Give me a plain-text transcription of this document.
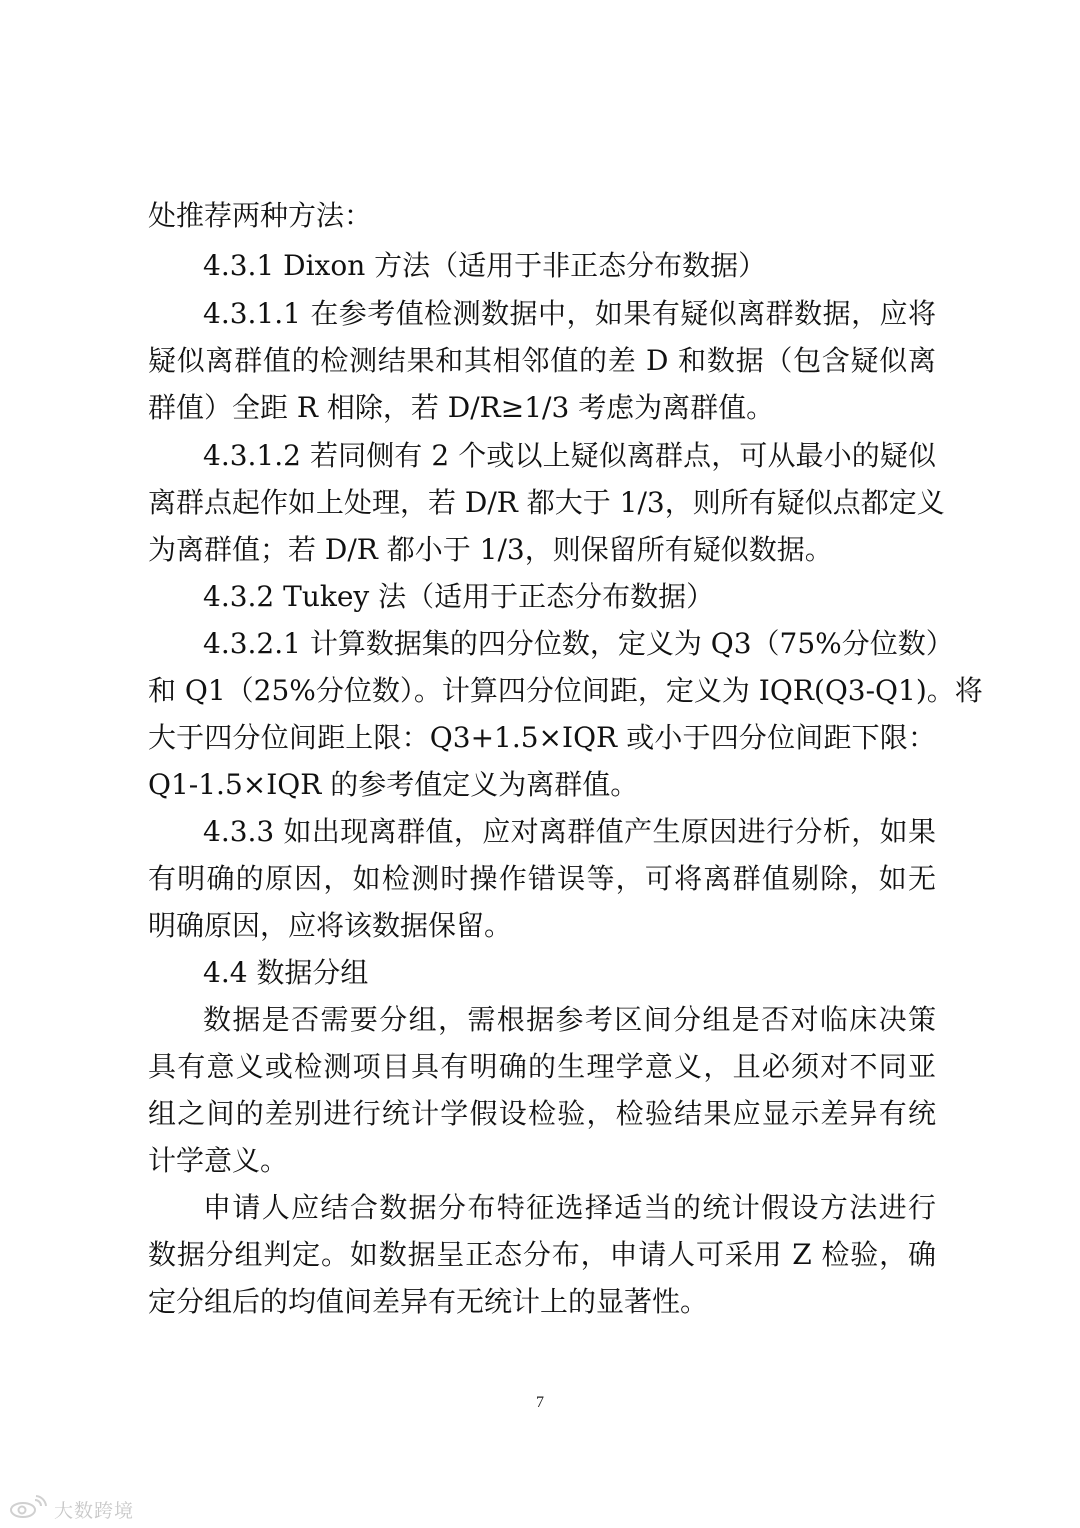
处推荐两种方法：
4.3.1 Dixon 方法（适用于非正态分布数据）
4.3.1.1 在参考值检测数据中，如果有疑似离群数据，应将
疑似离群值的检测结果和其相邻值的差 D 和数据（包含疑似离
群值）全距 R 相除，若 D/R≥1/3 考虑为离群值。
4.3.1.2 若同侧有 2 个或以上疑似离群点，可从最小的疑似
离群点起作如上处理，若 D/R 都大于 1/3，则所有疑似点都定义
为离群值；若 D/R 都小于 1/3，则保留所有疑似数据。
4.3.2 Tukey 法（适用于正态分布数据）
4.3.2.1 计算数据集的四分位数，定义为 Q3（75%分位数）
和 Q1（25%分位数）。计算四分位间距，定义为 IQR(Q3-Q1)。将
大于四分位间距上限：Q3+1.5×IQR 或小于四分位间距下限：
Q1-1.5×IQR 的参考值定义为离群值。
4.3.3 如出现离群值，应对离群值产生原因进行分析，如果
有明确的原因，如检测时操作错误等，可将离群值剔除，如无
明确原因，应将该数据保留。
4.4 数据分组
数据是否需要分组，需根据参考区间分组是否对临床决策
具有意义或检测项目具有明确的生理学意义，且必须对不同亚
组之间的差别进行统计学假设检验，检验结果应显示差异有统
计学意义。
申请人应结合数据分布特征选择适当的统计假设方法进行
数据分组判定。如数据呈正态分布，申请人可采用 Z 检验，确
定分组后的均值间差异有无统计上的显著性。
7
大数跨境
